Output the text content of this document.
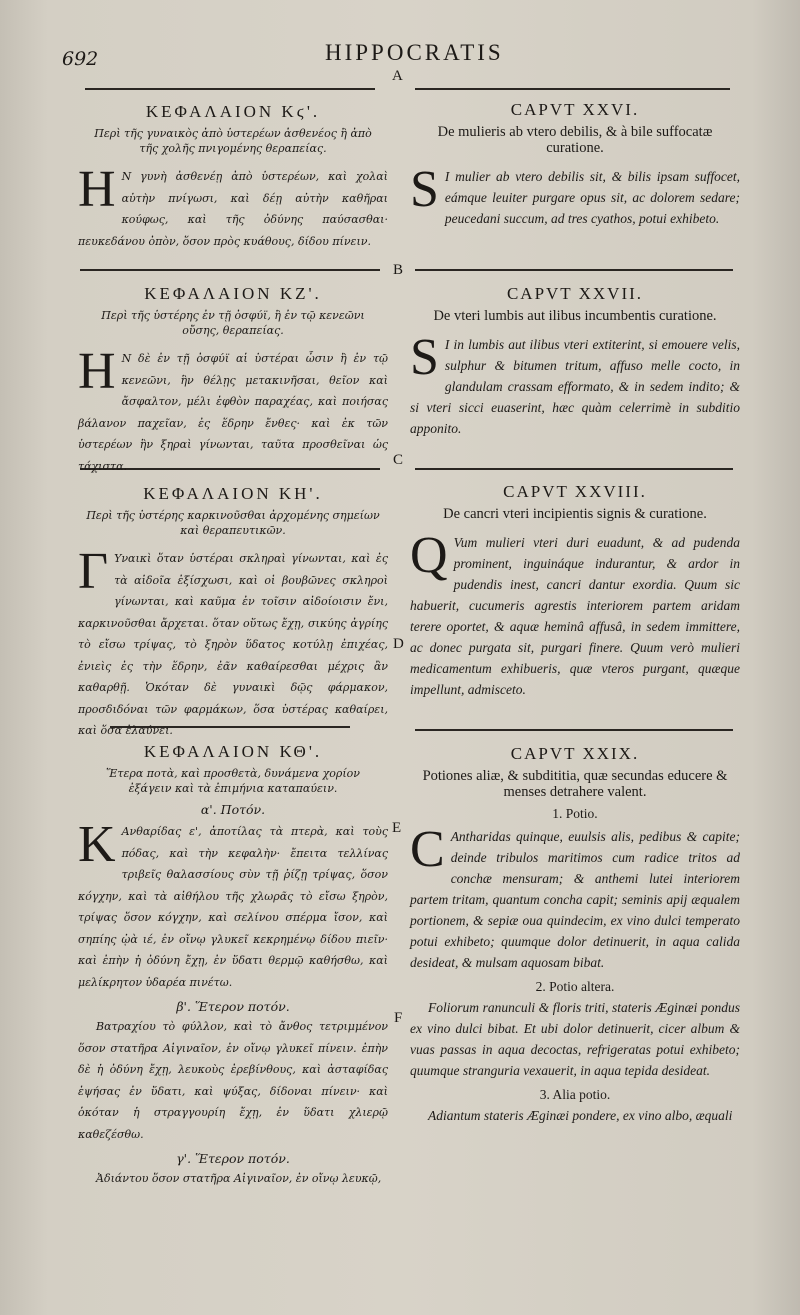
692	HIPPOCRATIS
A
B
C
D
E
F
ΚΕΦΑΛΑΙΟΝ Κϛ'.
Περὶ τῆς γυναικὸς ἀπὸ ὑστερέων ἀσθενέος ἢ ἀπὸ τῆς χολῆς πνιγομένης θεραπείας.
Η Ν γυνὴ ἀσθενέῃ ἀπὸ ὑστερέων, καὶ χολαὶ αὐτὴν πνίγωσι, καὶ δέῃ αὐτὴν καθῆραι κούφως, καὶ τῆς ὀδύνης παύσασθαι· πευκεδάνου ὀπὸν, ὅσον πρὸς κυάθους, δίδου πίνειν.
CAPVT XXVI.
De mulieris ab vtero debilis, & à bile suffocatæ curatione.
S I mulier ab vtero debilis sit, & bilis ipsam suffocet, eámque leuiter purgare opus sit, ac dolorem sedare; peucedani succum, ad tres cyathos, potui exhibeto.
ΚΕΦΑΛΑΙΟΝ ΚΖ'.
Περὶ τῆς ὑστέρης ἐν τῇ ὀσφύϊ, ἢ ἐν τῷ κενεῶνι οὔσης, θεραπείας.
Η Ν δὲ ἐν τῇ ὀσφύϊ αἱ ὑστέραι ὦσιν ἢ ἐν τῷ κενεῶνι, ἣν θέλῃς μετακινῆσαι, θεῖον καὶ ἄσφαλτον, μέλι ἑφθὸν παραχέας, καὶ ποιήσας βάλανον παχεῖαν, ἐς ἕδρην ἔνθες· καὶ ἐκ τῶν ὑστερέων ἣν ξηραὶ γίνωνται, ταῦτα προσθεῖναι ὡς τάχιστα.
CAPVT XXVII.
De vteri lumbis aut ilibus incumbentis curatione.
S I in lumbis aut ilibus vteri extiterint, si emouere velis, sulphur & bitumen tritum, affuso melle cocto, in glandulam crassam efformato, & in sedem indito; & si vteri sicci euaserint, hæc quàm celerrimè in subditio apponito.
ΚΕΦΑΛΑΙΟΝ ΚΗ'.
Περὶ τῆς ὑστέρης καρκινοῦσθαι ἀρχομένης σημείων καὶ θεραπευτικῶν.
Γ Υναικὶ ὅταν ὑστέραι σκληραὶ γίνωνται, καὶ ἐς τὰ αἰδοῖα ἐξίσχωσι, καὶ οἱ βουβῶνες σκληροὶ γίνωνται, καὶ καῦμα ἐν τοῖσιν αἰδοίοισιν ἔνι, καρκινοῦσθαι ἄρχεται. ὅταν οὕτως ἔχῃ, σικύης ἀγρίης τὸ εἴσω τρίψας, τὸ ξηρὸν ὕδατος κοτύλῃ ἐπιχέας, ἐνιεὶς ἐς τὴν ἕδρην, ἐᾶν καθαίρεσθαι μέχρις ἂν καθαρθῇ. Ὁκόταν δὲ γυναικὶ δῷς φάρμακον, προσδιδόναι τῶν φαρμάκων, ὅσα ὑστέρας καθαίρει, καὶ ὅσα ἐλαύνει.
CAPVT XXVIII.
De cancri vteri incipientis signis & curatione.
Q Vum mulieri vteri duri euadunt, & ad pudenda prominent, inguináque indurantur, & ardor in pudendis inest, cancri dantur exordia. Quum sic habuerit, cucumeris agrestis interiorem partem aridam terere oportet, & aquæ heminâ affusâ, in sedem immittere, ac donec purgata sit, purgari finere. Quum verò mulieri medicamentum exhibueris, quæ vteros purgant, quæque impellunt, admisceto.
ΚΕΦΑΛΑΙΟΝ ΚΘ'.
Ἕτερα ποτὰ, καὶ προσθετὰ, δυνάμενα χορίον ἐξάγειν καὶ τὰ ἐπιμήνια καταπαύειν.
α'. Ποτόν.
Κ Ανθαρίδας ε', ἀποτίλας τὰ πτερὰ, καὶ τοὺς πόδας, καὶ τὴν κεφαλὴν· ἔπειτα τελλίνας τριβεῖς θαλασσίους σὺν τῇ ῥίζῃ τρίψας, ὅσον κόγχην, καὶ τὰ αἰθήλου τῆς χλωρᾶς τὸ εἴσω ξηρὸν, τρίψας ὅσον κόγχην, καὶ σελίνου σπέρμα ἴσον, καὶ σηπίης ᾠὰ ιέ, ἐν οἴνῳ γλυκεῖ κεκρημένῳ δίδου πιεῖν· καὶ ἐπὴν ἡ ὀδύνη ἔχῃ, ἐν ὕδατι θερμῷ καθήσθω, καὶ μελίκρητον ὑδαρέα πινέτω.
β'. Ἕτερον ποτόν.
Βατραχίου τὸ φύλλον, καὶ τὸ ἄνθος τετριμμένον ὅσον στατῆρα Αἰγιναῖον, ἐν οἴνῳ γλυκεῖ πίνειν. ἐπὴν δὲ ἡ ὀδύνη ἔχῃ, λευκοὺς ἐρεβίνθους, καὶ ἀσταφίδας ἑψήσας ἐν ὕδατι, καὶ ψύξας, δίδοναι πίνειν· καὶ ὁκόταν ἡ στραγγουρίη ἔχῃ, ἐν ὕδατι χλιερῷ καθεζέσθω.
γ'. Ἕτερον ποτόν.
Ἀδιάντου ὅσον στατῆρα Αἰγιναῖον, ἐν οἴνῳ λευκῷ,
CAPVT XXIX.
Potiones aliæ, & subdititia, quæ secundas educere & menses detrahere valent.
1. Potio.
C Antharidas quinque, euulsis alis, pedibus & capite; deinde tribulos maritimos cum radice tritos ad conchæ mensuram; & anthemi lutei interiorem partem tritam, quantum concha capit; seminis apij æqualem portionem, & sepiæ oua quindecim, ex vino dulci temperato potui exhibeto; quumque dolor detinuerit, in aqua calida desideat, & mulsam aquosam bibat.
2. Potio altera.
Foliorum ranunculi & floris triti, stateris Æginæi pondus ex vino dulci bibat. Et ubi dolor detinuerit, cicer album & vuas passas in aqua decoctas, refrigeratas potui exhibeto; quumque stranguria vexauerit, in aqua tepida desideat.
3. Alia potio.
Adiantum stateris Æginæi pondere, ex vino albo, æquali
